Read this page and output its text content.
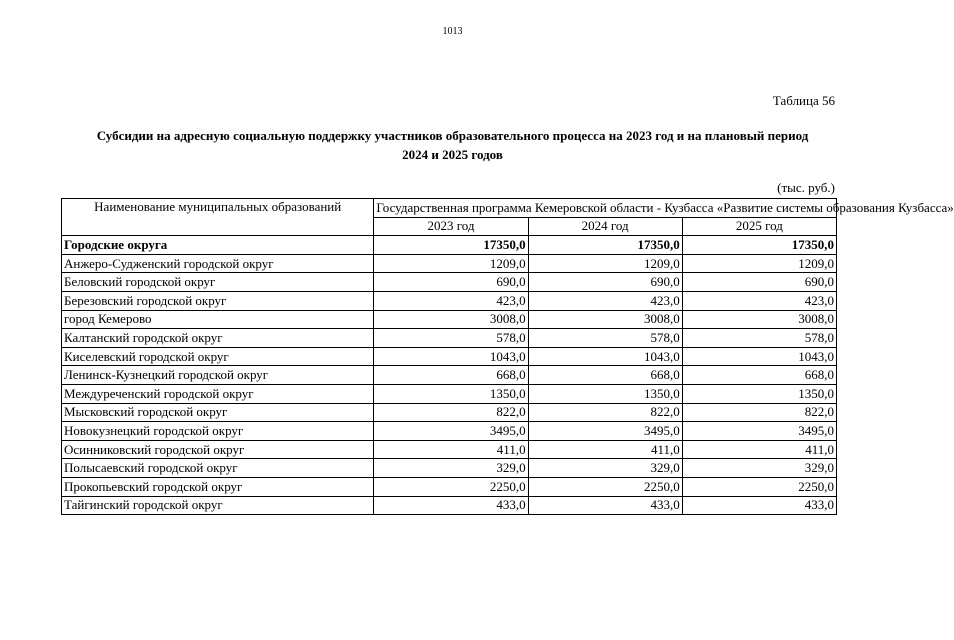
1013
Таблица 56
Субсидии на адресную социальную поддержку участников образовательного процесса на 2023 год и на плановый период
2024 и 2025 годов
(тыс. руб.)
Наименование муниципальных образований	Государственная программа Кемеровской области - Кузбасса «Развитие системы образования Кузбасса»		
	2023 год	2024 год	2025 год
Городские округа	17350,0	17350,0	17350,0
Анжеро-Судженский городской округ	1209,0	1209,0	1209,0
Беловский городской округ	690,0	690,0	690,0
Березовский городской округ	423,0	423,0	423,0
город Кемерово	3008,0	3008,0	3008,0
Калтанский городской округ	578,0	578,0	578,0
Киселевский городской округ	1043,0	1043,0	1043,0
Ленинск-Кузнецкий городской округ	668,0	668,0	668,0
Междуреченский городской округ	1350,0	1350,0	1350,0
Мысковский городской округ	822,0	822,0	822,0
Новокузнецкий городской округ	3495,0	3495,0	3495,0
Осинниковский городской округ	411,0	411,0	411,0
Полысаевский городской округ	329,0	329,0	329,0
Прокопьевский городской округ	2250,0	2250,0	2250,0
Тайгинский городской округ	433,0	433,0	433,0
